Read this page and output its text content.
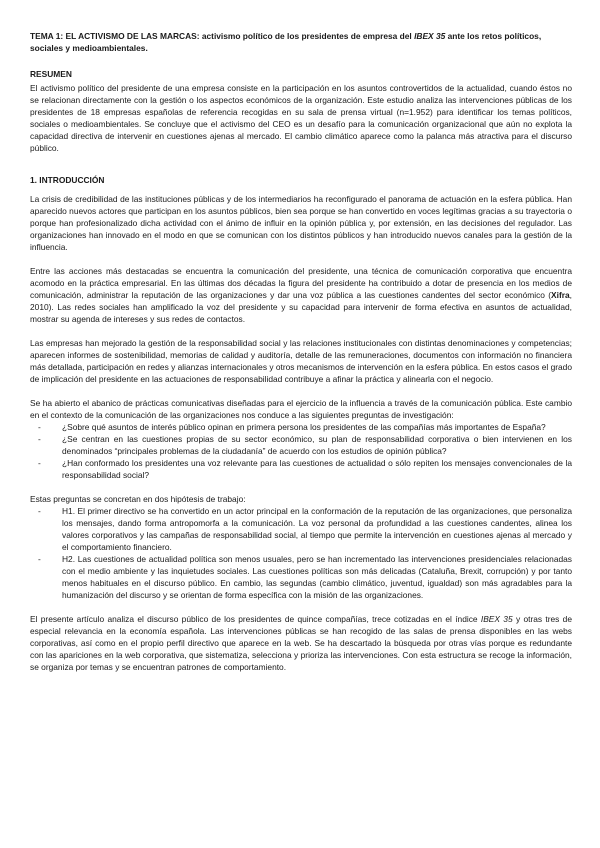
TEMA 1: EL ACTIVISMO DE LAS MARCAS: activismo político de los presidentes de empresa del IBEX 35 ante los retos políticos, sociales y medioambientales.

RESUMEN

El activismo político del presidente de una empresa consiste en la participación en los asuntos controvertidos de la actualidad, cuando éstos no se relacionan directamente con la gestión o los aspectos económicos de la organización. Este estudio analiza las intervenciones públicas de los presidentes de 18 empresas españolas de referencia recogidas en su sala de prensa virtual (n=1.952) para identificar los temas políticos, sociales o medioambientales. Se concluye que el activismo del CEO es un desafío para la comunicación organizacional que aún no explota la capacidad directiva de intervenir en cuestiones ajenas al mercado. El cambio climático aparece como la palanca más atractiva para el discurso público.

1. INTRODUCCIÓN

La crisis de credibilidad de las instituciones públicas y de los intermediarios ha reconfigurado el panorama de actuación en la esfera pública. Han aparecido nuevos actores que participan en los asuntos públicos, bien sea porque se han convertido en voces legítimas gracias a su trayectoria o porque han profesionalizado dicha actividad con el ánimo de influir en la opinión pública y, por extensión, en las decisiones del regulador. Las organizaciones han innovado en el modo en que se comunican con los distintos públicos y han introducido nuevos canales para la gestión de la influencia.

Entre las acciones más destacadas se encuentra la comunicación del presidente, una técnica de comunicación corporativa que encuentra acomodo en la práctica empresarial. En las últimas dos décadas la figura del presidente ha contribuido a dotar de presencia en los medios de comunicación, administrar la reputación de las organizaciones y dar una voz pública a las cuestiones candentes del sector económico (Xifra, 2010). Las redes sociales han amplificado la voz del presidente y su capacidad para intervenir de forma efectiva en asuntos de actualidad, mostrar su agenda de intereses y sus redes de contactos.

Las empresas han mejorado la gestión de la responsabilidad social y las relaciones institucionales con distintas denominaciones y competencias; aparecen informes de sostenibilidad, memorias de calidad y auditoría, detalle de las remuneraciones, documentos con información no financiera más detallada, participación en redes y alianzas internacionales y otros mecanismos de intervención en la esfera pública. En estos casos el grado de implicación del presidente en las actuaciones de responsabilidad contribuye a afinar la práctica y alinearla con el negocio.

Se ha abierto el abanico de prácticas comunicativas diseñadas para el ejercicio de la influencia a través de la comunicación pública. Este cambio en el contexto de la comunicación de las organizaciones nos conduce a las siguientes preguntas de investigación:

-	¿Sobre qué asuntos de interés público opinan en primera persona los presidentes de las compañías más importantes de España?
-	¿Se centran en las cuestiones propias de su sector económico, su plan de responsabilidad corporativa o bien intervienen en los denominados “principales problemas de la ciudadanía” de acuerdo con los estudios de opinión pública?
-	¿Han conformado los presidentes una voz relevante para las cuestiones de actualidad o sólo repiten los mensajes convencionales de la responsabilidad social?

Estas preguntas se concretan en dos hipótesis de trabajo:

-	H1. El primer directivo se ha convertido en un actor principal en la conformación de la reputación de las organizaciones, que personaliza los mensajes, dando forma antropomorfa a la comunicación. La voz personal da profundidad a las cuestiones candentes, alinea los valores corporativos y las campañas de responsabilidad social, al tiempo que permite la intervención en cuestiones ajenas al mercado y el comportamiento financiero.
-	H2. Las cuestiones de actualidad política son menos usuales, pero se han incrementado las intervenciones presidenciales relacionadas con el medio ambiente y las inquietudes sociales. Las cuestiones políticas son más delicadas (Cataluña, Brexit, corrupción) y por tanto menos habituales en el discurso público. En cambio, las segundas (cambio climático, juventud, igualdad) son más agradables para la humanización del discurso y se orientan de forma específica con la misión de las organizaciones.

El presente artículo analiza el discurso público de los presidentes de quince compañías, trece cotizadas en el índice IBEX 35 y otras tres de especial relevancia en la economía española. Las intervenciones públicas se han recogido de las salas de prensa disponibles en las webs corporativas, así como en el propio perfil directivo que aparece en la web. Se ha descartado la búsqueda por otras vías porque es redundante con las apariciones en la web corporativa, que sistematiza, selecciona y prioriza las intervenciones. Con esta estructura se recoge la información, se organiza por temas y se encuentran patrones de comportamiento.
